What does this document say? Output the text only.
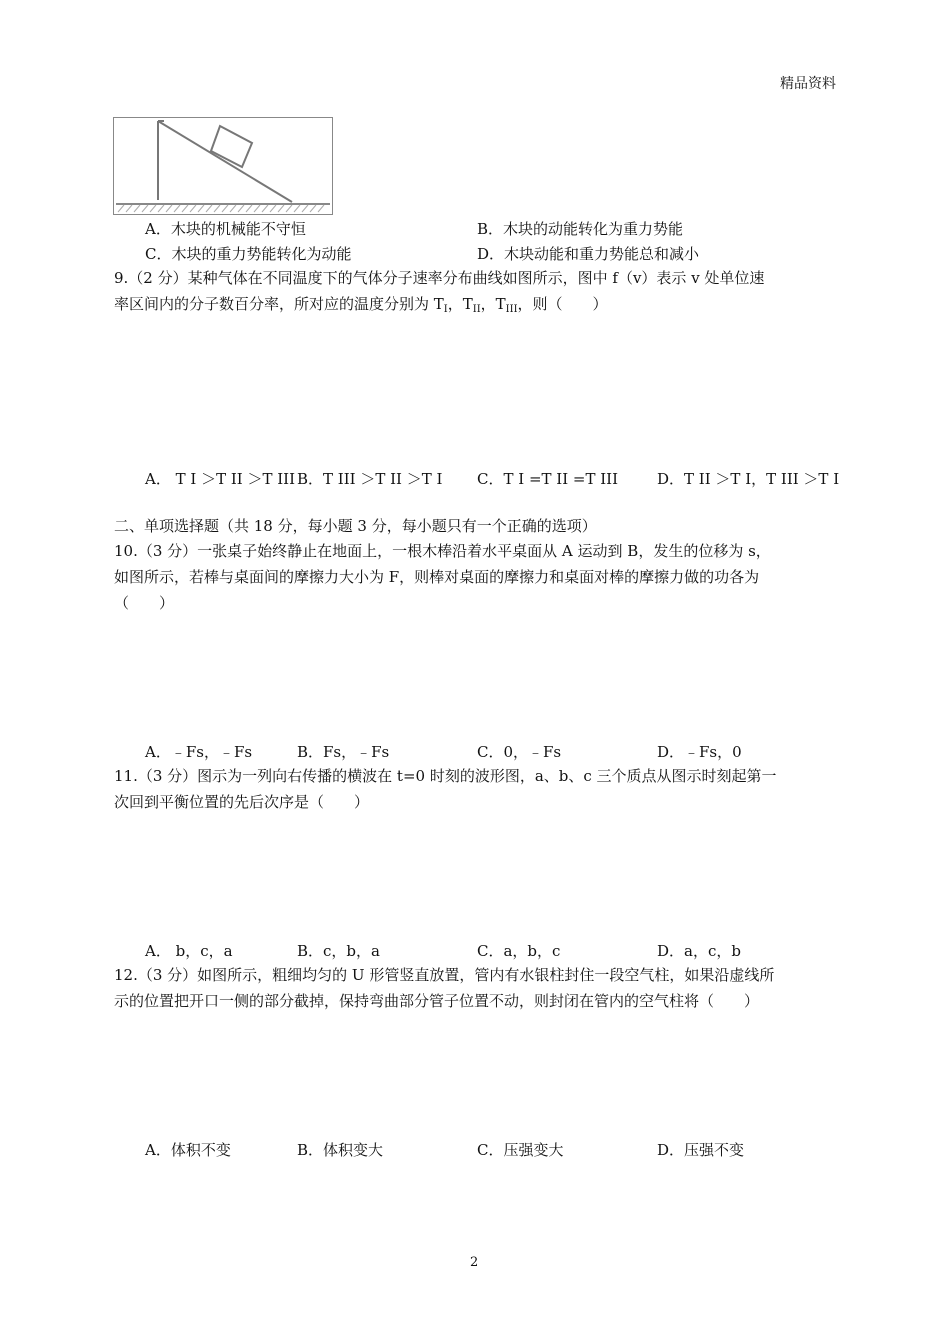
精品资料
A．木块的机械能不守恒	B．木块的动能转化为重力势能
C．木块的重力势能转化为动能	D．木块动能和重力势能总和减小
9.（2 分）某种气体在不同温度下的气体分子速率分布曲线如图所示，图中 f（v）表示 v 处单位速
率区间内的分子数百分率，所对应的温度分别为 $T_I$，$T_{II}$，$T_{III}$，则（　　）
A． T I ＞T II ＞T III B．T III ＞T II ＞T I C．T I =T II =T III	D．T II ＞T I，T III ＞T I
二、单项选择题（共 18 分，每小题 3 分，每小题只有一个正确的选项）
10.（3 分）一张桌子始终静止在地面上，一根木棒沿着水平桌面从 A 运动到 B，发生的位移为 s，
如图所示，若棒与桌面间的摩擦力大小为 F，则棒对桌面的摩擦力和桌面对棒的摩擦力做的功各为
（　　）
A．﹣Fs，﹣Fs	B．Fs，﹣Fs	C．0，﹣Fs	D．﹣Fs，0
11.（3 分）图示为一列向右传播的横波在 t=0 时刻的波形图，a、b、c 三个质点从图示时刻起第一
次回到平衡位置的先后次序是（　　）
A． b，c，a	B．c，b，a	C．a，b，c	D．a，c，b
12.（3 分）如图所示，粗细均匀的 U 形管竖直放置，管内有水银柱封住一段空气柱，如果沿虚线所
示的位置把开口一侧的部分截掉，保持弯曲部分管子位置不动，则封闭在管内的空气柱将（　　）
A．体积不变	B．体积变大	C．压强变大	D．压强不变
2
